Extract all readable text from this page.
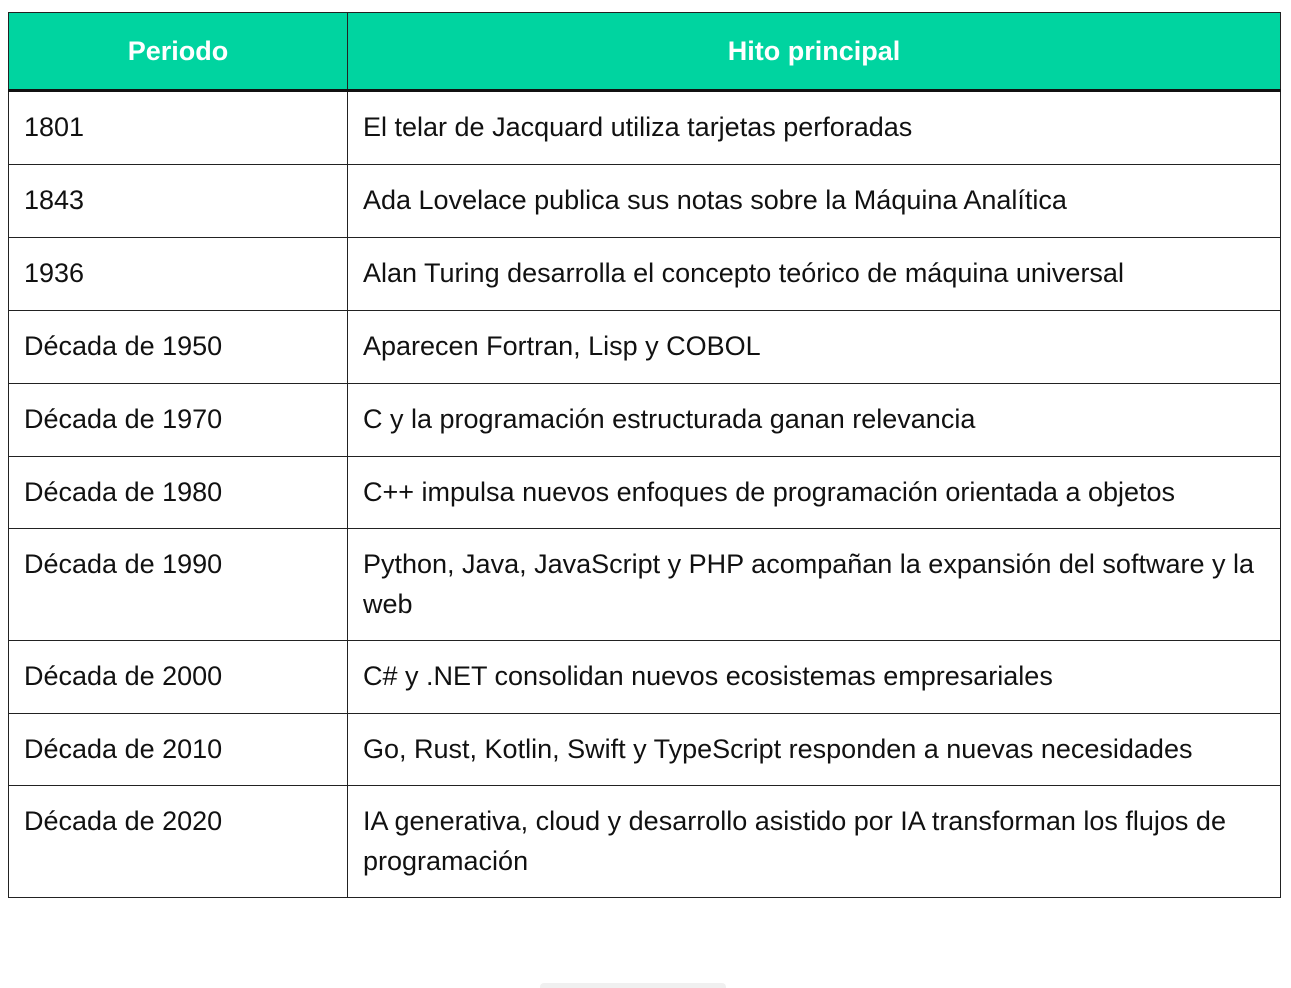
Periodo	Hito principal
1801	El telar de Jacquard utiliza tarjetas perforadas
1843	Ada Lovelace publica sus notas sobre la Máquina Analítica
1936	Alan Turing desarrolla el concepto teórico de máquina universal
Década de 1950	Aparecen Fortran, Lisp y COBOL
Década de 1970	C y la programación estructurada ganan relevancia
Década de 1980	C++ impulsa nuevos enfoques de programación orientada a objetos
Década de 1990	Python, Java, JavaScript y PHP acompañan la expansión del software y la web
Década de 2000	C# y .NET consolidan nuevos ecosistemas empresariales
Década de 2010	Go, Rust, Kotlin, Swift y TypeScript responden a nuevas necesidades
Década de 2020	IA generativa, cloud y desarrollo asistido por IA transforman los flujos de programación
